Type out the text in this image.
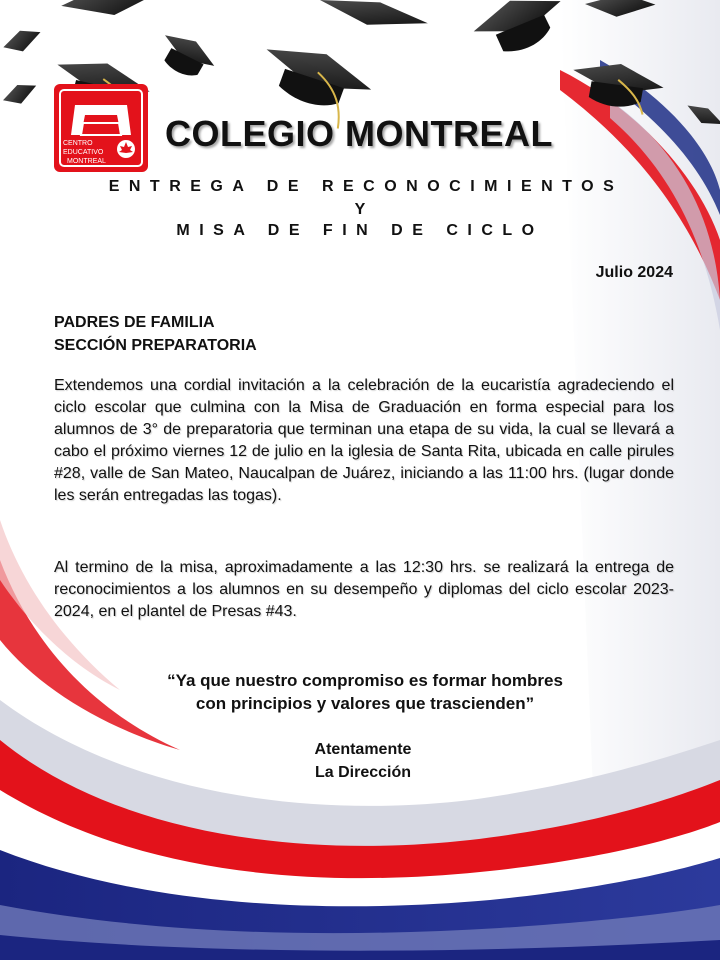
CENTRO
EDUCATIVO
MONTREAL
COLEGIO MONTREAL
ENTREGA DE RECONOCIMIENTOS
Y
MISA DE FIN DE CICLO
Julio 2024
PADRES DE FAMILIA
SECCIÓN PREPARATORIA
Extendemos una cordial invitación a la celebración de la eucaristía agradeciendo el ciclo escolar que culmina con la Misa de Graduación en forma especial para los alumnos de 3° de preparatoria que terminan una etapa de su vida, la cual se llevará a cabo el próximo viernes 12 de julio en la iglesia de Santa Rita, ubicada en calle pirules #28, valle de San Mateo, Naucalpan de Juárez, iniciando a las 11:00 hrs. (lugar donde les serán entregadas las togas).
Al termino de la misa, aproximadamente a las 12:30 hrs. se realizará la entrega de reconocimientos a los alumnos en su desempeño y diplomas del ciclo escolar 2023-2024, en el plantel de Presas #43.
“Ya que nuestro compromiso es formar hombres
con principios y valores que trascienden”
Atentamente
La Dirección
